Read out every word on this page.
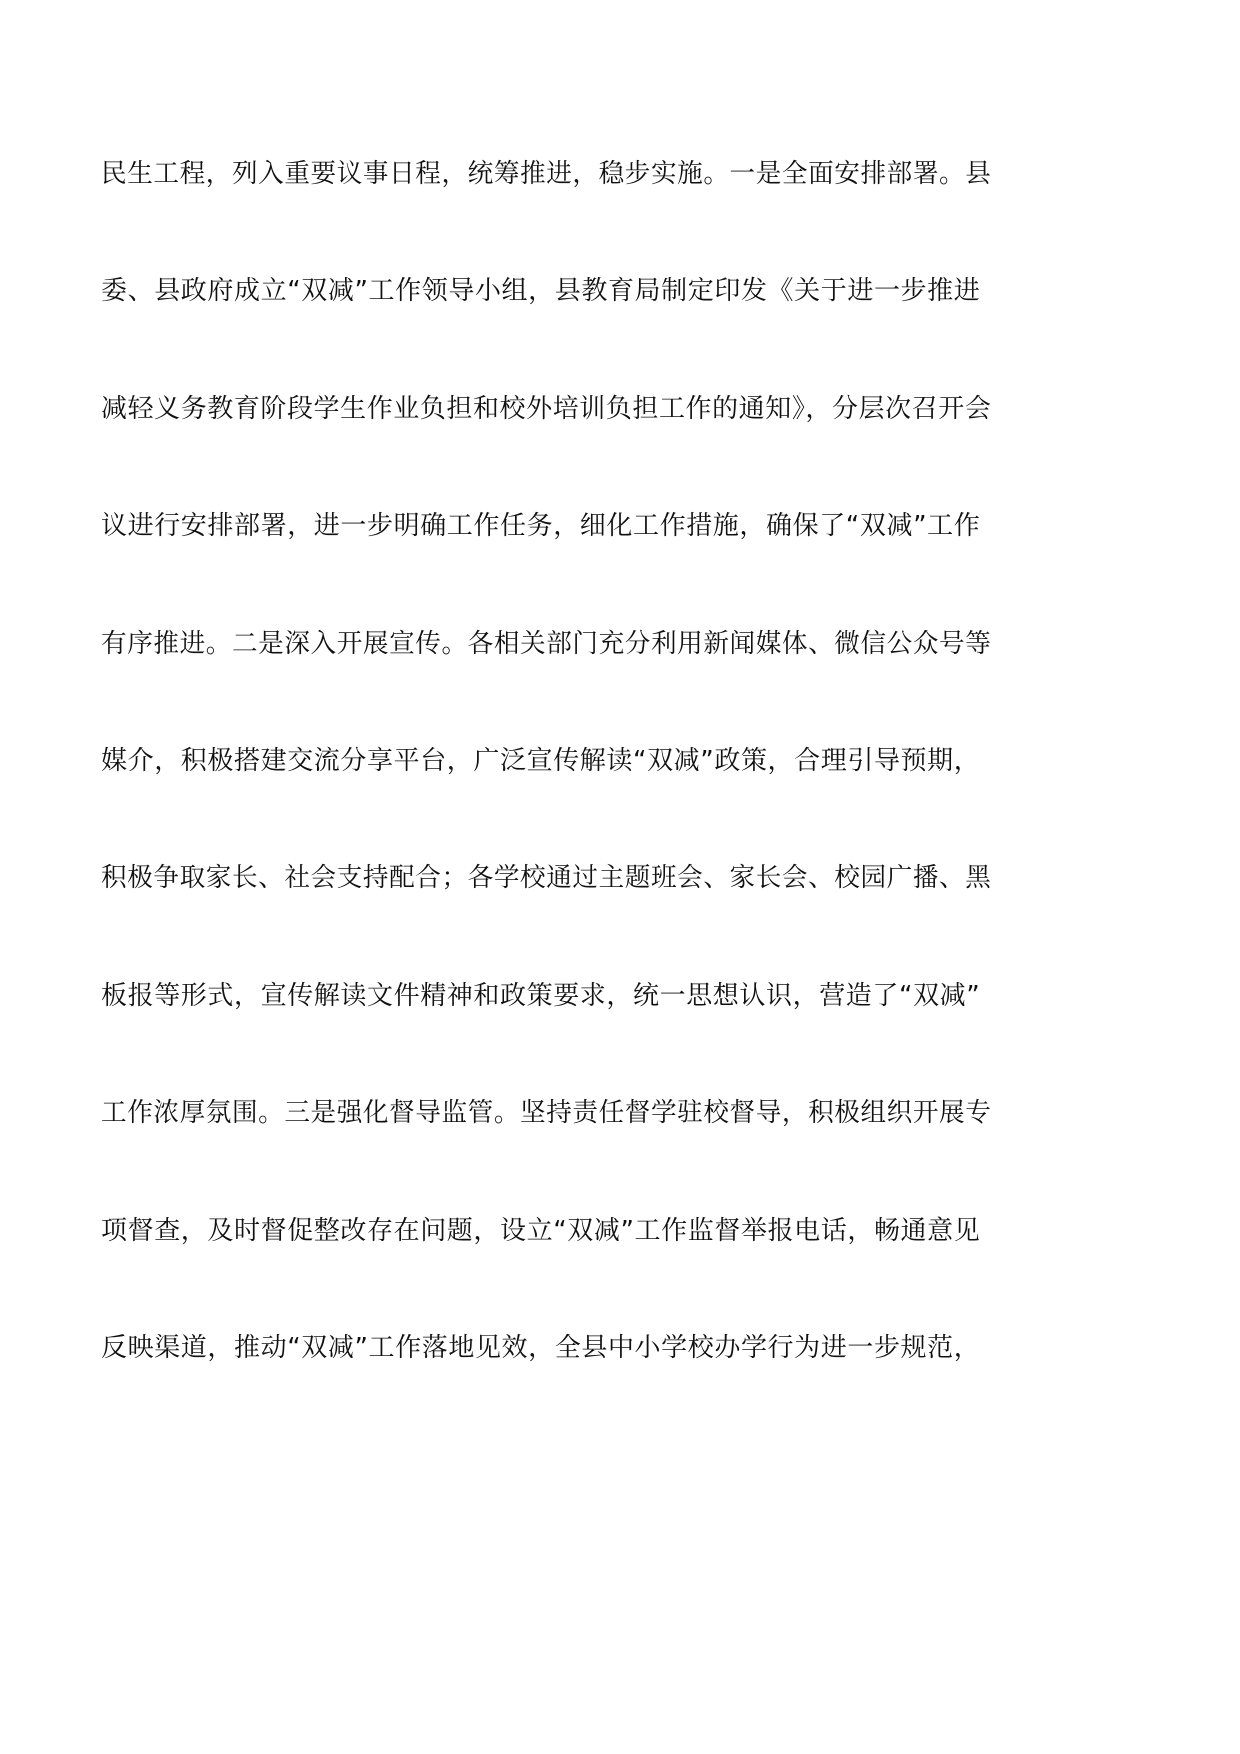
民生工程，列入重要议事日程，统筹推进，稳步实施。一是全面安排部署。县
委、县政府成立“双减”工作领导小组，县教育局制定印发《关于进一步推进
减轻义务教育阶段学生作业负担和校外培训负担工作的通知》，分层次召开会
议进行安排部署，进一步明确工作任务，细化工作措施，确保了“双减”工作
有序推进。二是深入开展宣传。各相关部门充分利用新闻媒体、微信公众号等
媒介，积极搭建交流分享平台，广泛宣传解读“双减”政策，合理引导预期，
积极争取家长、社会支持配合；各学校通过主题班会、家长会、校园广播、黑
板报等形式，宣传解读文件精神和政策要求，统一思想认识，营造了“双减”
工作浓厚氛围。三是强化督导监管。坚持责任督学驻校督导，积极组织开展专
项督查，及时督促整改存在问题，设立“双减”工作监督举报电话，畅通意见
反映渠道，推动“双减”工作落地见效，全县中小学校办学行为进一步规范，
